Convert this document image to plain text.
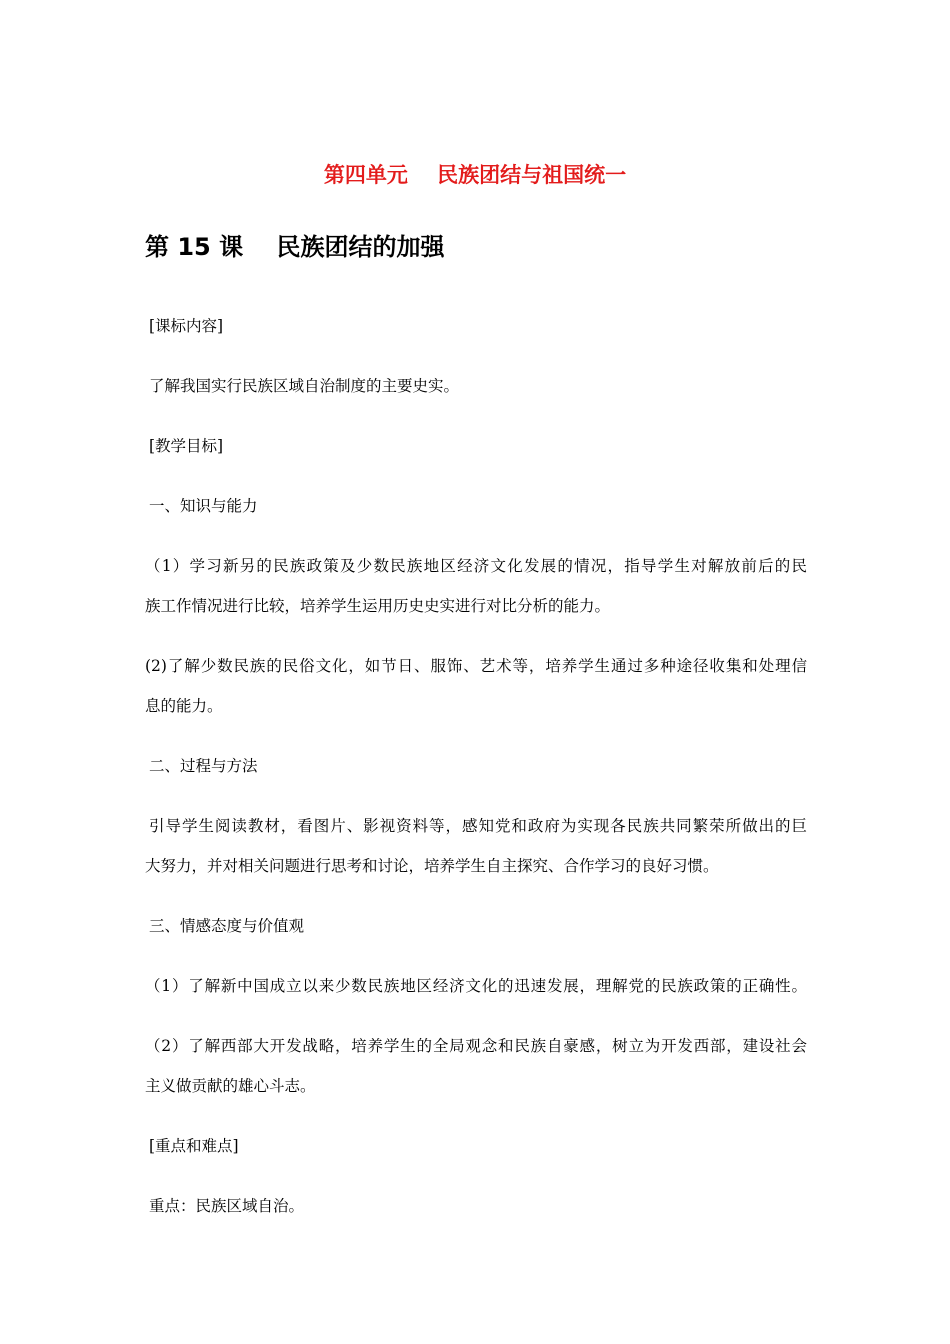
第四单元    民族团结与祖国统一
第 15 课    民族团结的加强
[课标内容]
了解我国实行民族区域自治制度的主要史实。
[教学目标]
一、知识与能力
（1）学习新另的民族政策及少数民族地区经济文化发展的情况，指导学生对解放前后的民
族工作情况进行比较，培养学生运用历史史实进行对比分析的能力。
(2)了解少数民族的民俗文化，如节日、服饰、艺术等，培养学生通过多种途径收集和处理信
息的能力。
二、过程与方法
引导学生阅读教材，看图片、影视资料等，感知党和政府为实现各民族共同繁荣所做出的巨
大努力，并对相关问题进行思考和讨论，培养学生自主探究、合作学习的良好习惯。
三、情感态度与价值观
（1）了解新中国成立以来少数民族地区经济文化的迅速发展，理解党的民族政策的正确性。
（2）了解西部大开发战略，培养学生的全局观念和民族自豪感，树立为开发西部，建设社会
主义做贡献的雄心斗志。
[重点和难点]
重点：民族区域自治。
